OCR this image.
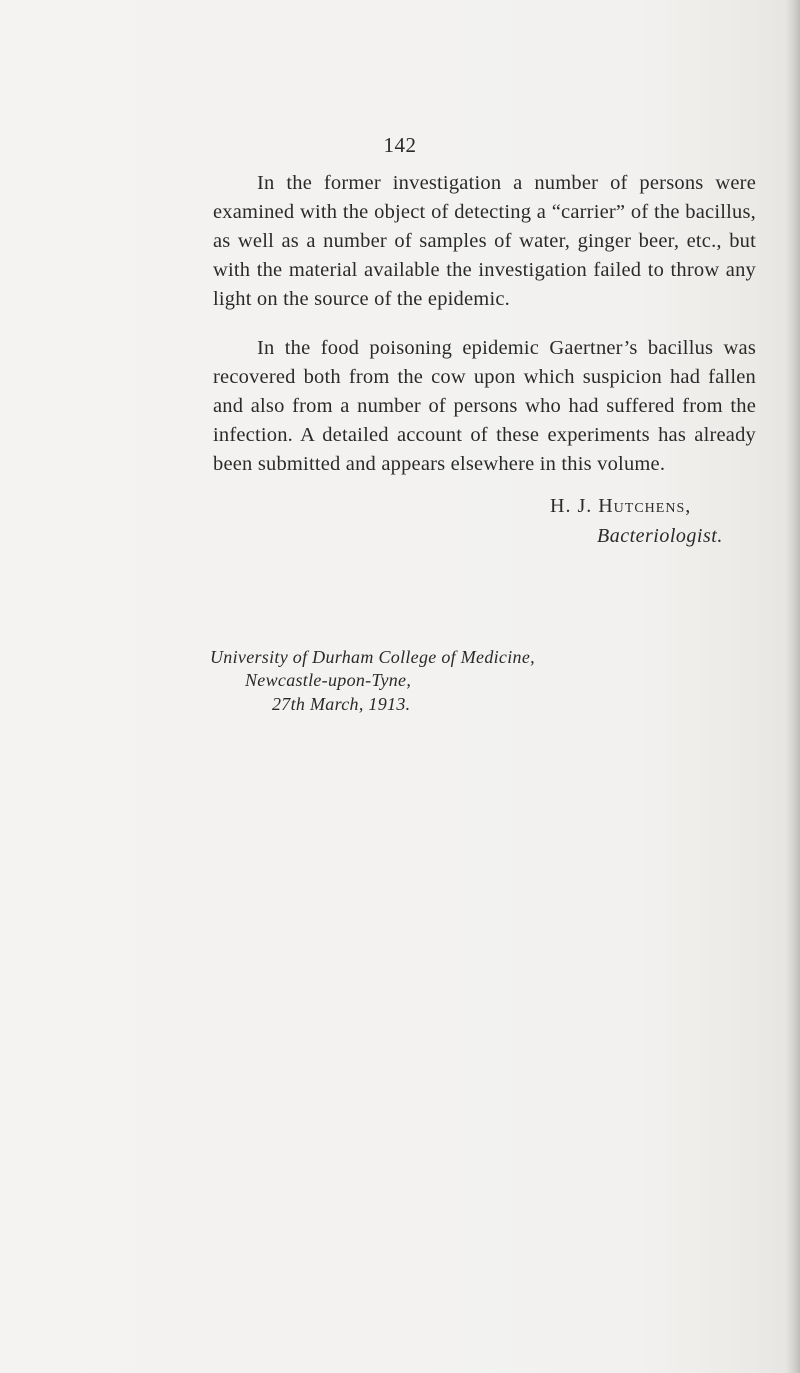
142

In the former investigation a number of persons were examined with the object of detecting a “carrier” of the bacillus, as well as a number of samples of water, ginger beer, etc., but with the material available the investigation failed to throw any light on the source of the epidemic.

In the food poisoning epidemic Gaertner’s bacillus was recovered both from the cow upon which suspicion had fallen and also from a number of persons who had suffered from the infection. A detailed account of these experiments has already been submitted and appears elsewhere in this volume.

H. J. Hutchens,
Bacteriologist.
University of Durham College of Medicine,
Newcastle-upon-Tyne,
27th March, 1913.
